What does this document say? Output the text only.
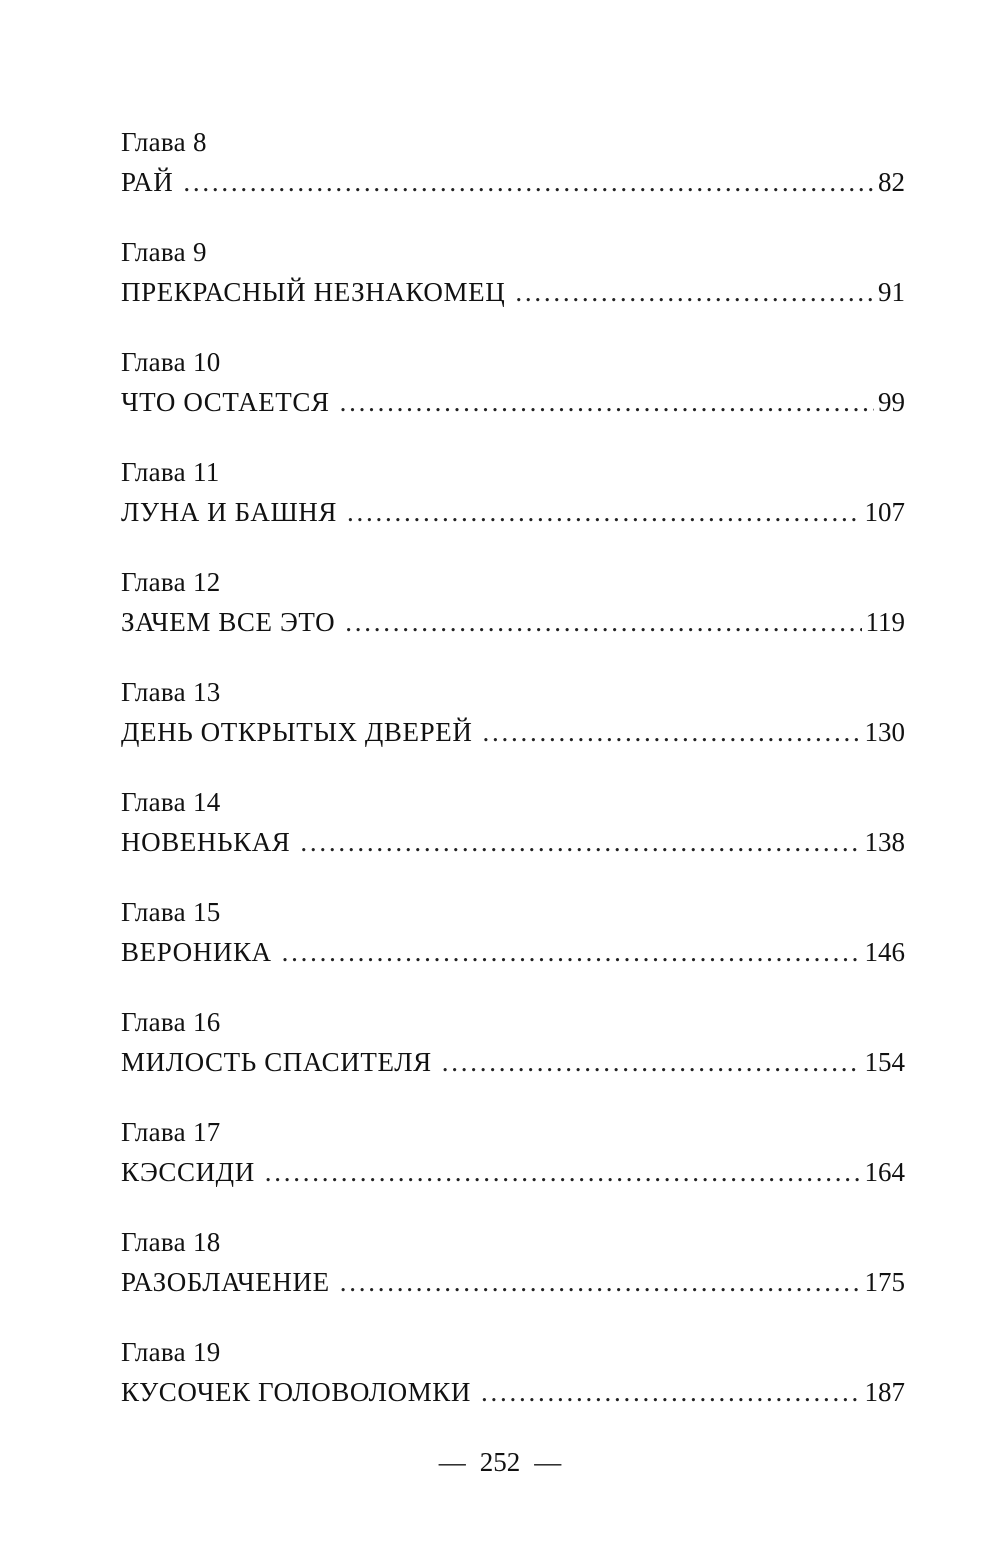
Глава 8
РАЙ . . .	82
Глава 9
ПРЕКРАСНЫЙ НЕЗНАКОМЕЦ . . .	91
Глава 10
ЧТО ОСТАЕТСЯ . . .	99
Глава 11
ЛУНА И БАШНЯ . . .	107
Глава 12
ЗАЧЕМ ВСЕ ЭТО . . .	119
Глава 13
ДЕНЬ ОТКРЫТЫХ ДВЕРЕЙ . . .	130
Глава 14
НОВЕНЬКАЯ . . .	138
Глава 15
ВЕРОНИКА . . .	146
Глава 16
МИЛОСТЬ СПАСИТЕЛЯ . . .	154
Глава 17
КЭССИДИ . . .	164
Глава 18
РАЗОБЛАЧЕНИЕ . . .	175
Глава 19
КУСОЧЕК ГОЛОВОЛОМКИ . . .	187
— 252 —
